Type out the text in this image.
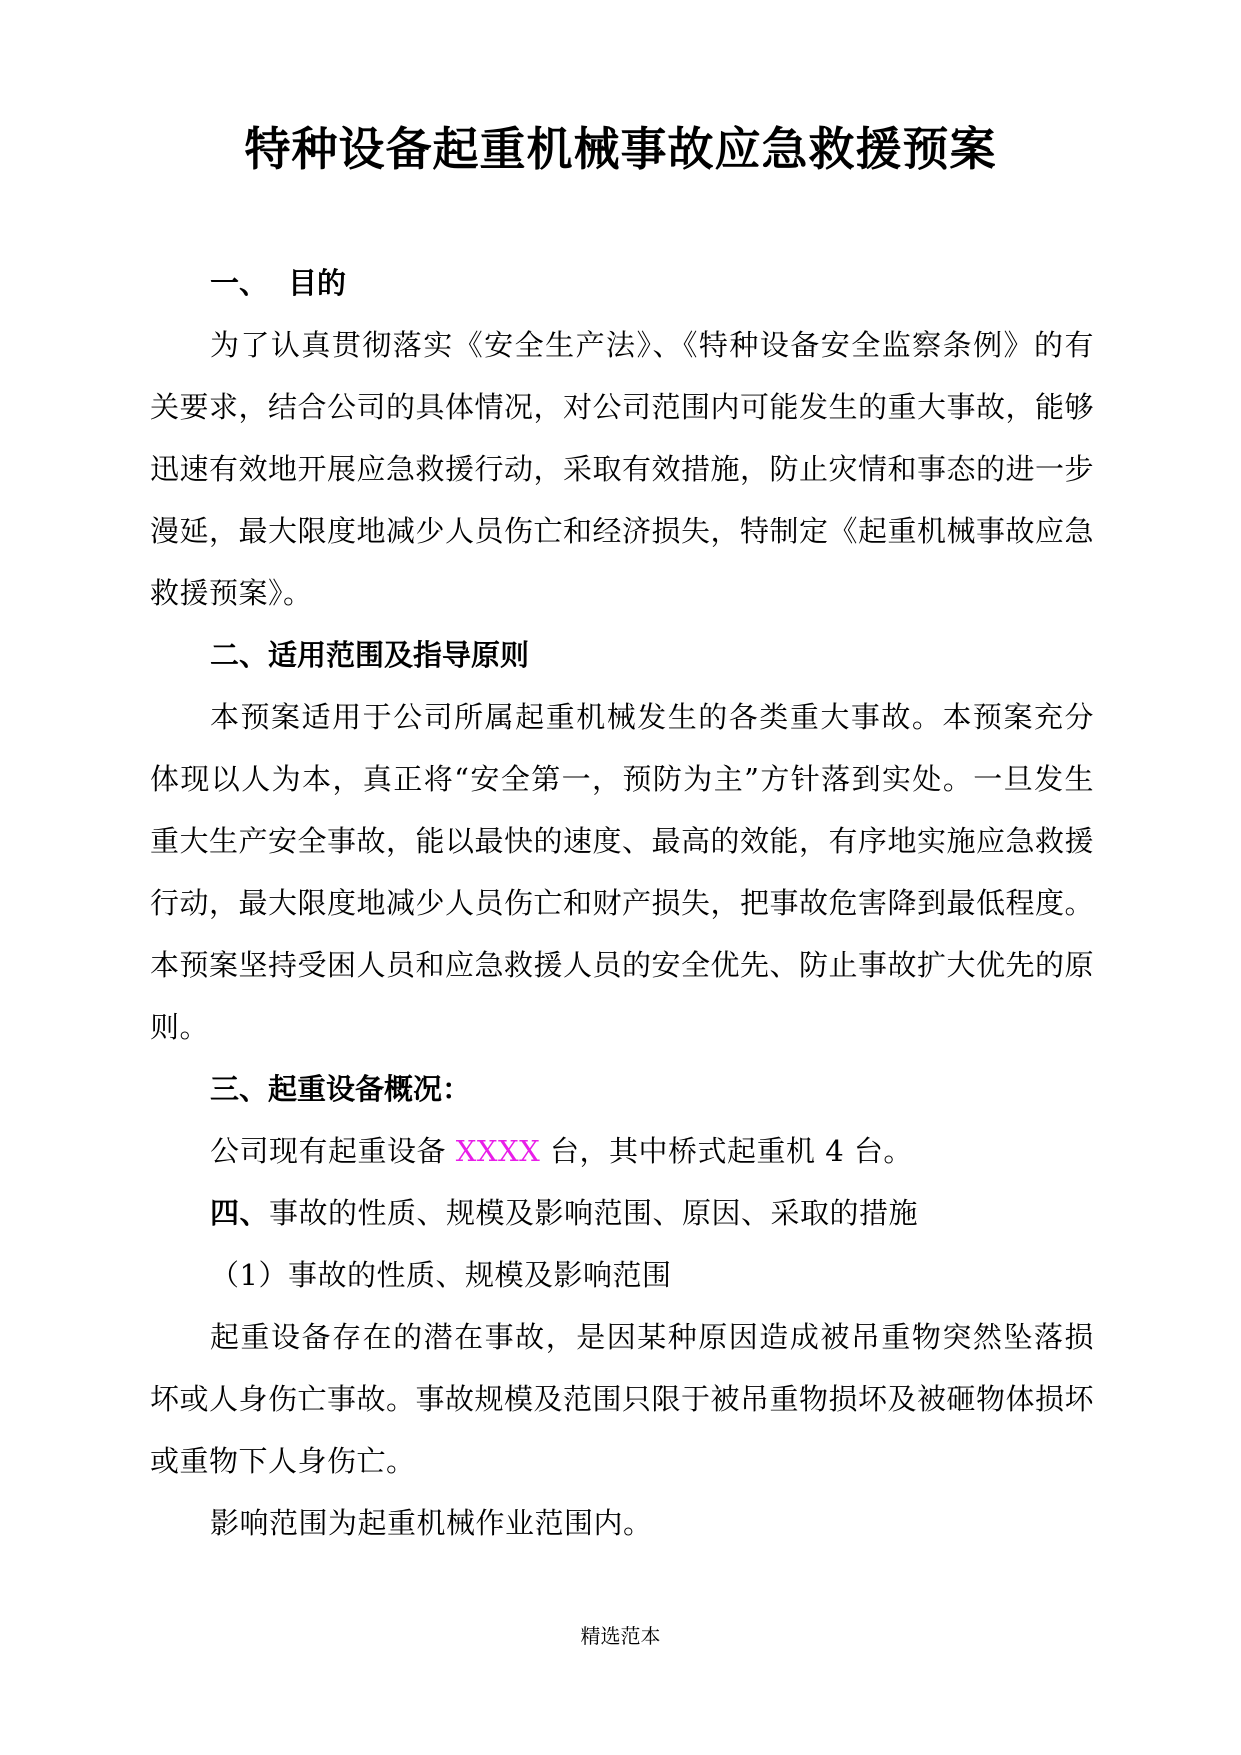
特种设备起重机械事故应急救援预案
一、 目的

为了认真贯彻落实《安全生产法》、《特种设备安全监察条例》的有关要求，结合公司的具体情况，对公司范围内可能发生的重大事故，能够迅速有效地开展应急救援行动，采取有效措施，防止灾情和事态的进一步漫延，最大限度地减少人员伤亡和经济损失，特制定《起重机械事故应急救援预案》。

二、适用范围及指导原则

本预案适用于公司所属起重机械发生的各类重大事故。本预案充分体现以人为本，真正将“安全第一，预防为主”方针落到实处。一旦发生重大生产安全事故，能以最快的速度、最高的效能，有序地实施应急救援行动，最大限度地减少人员伤亡和财产损失，把事故危害降到最低程度。本预案坚持受困人员和应急救援人员的安全优先、防止事故扩大优先的原则。

三、起重设备概况：
公司现有起重设备 XXXX 台，其中桥式起重机 4 台。
四、事故的性质、规模及影响范围、原因、采取的措施
（1）事故的性质、规模及影响范围

起重设备存在的潜在事故，是因某种原因造成被吊重物突然坠落损坏或人身伤亡事故。事故规模及范围只限于被吊重物损坏及被砸物体损坏或重物下人身伤亡。

影响范围为起重机械作业范围内。

精选范本
